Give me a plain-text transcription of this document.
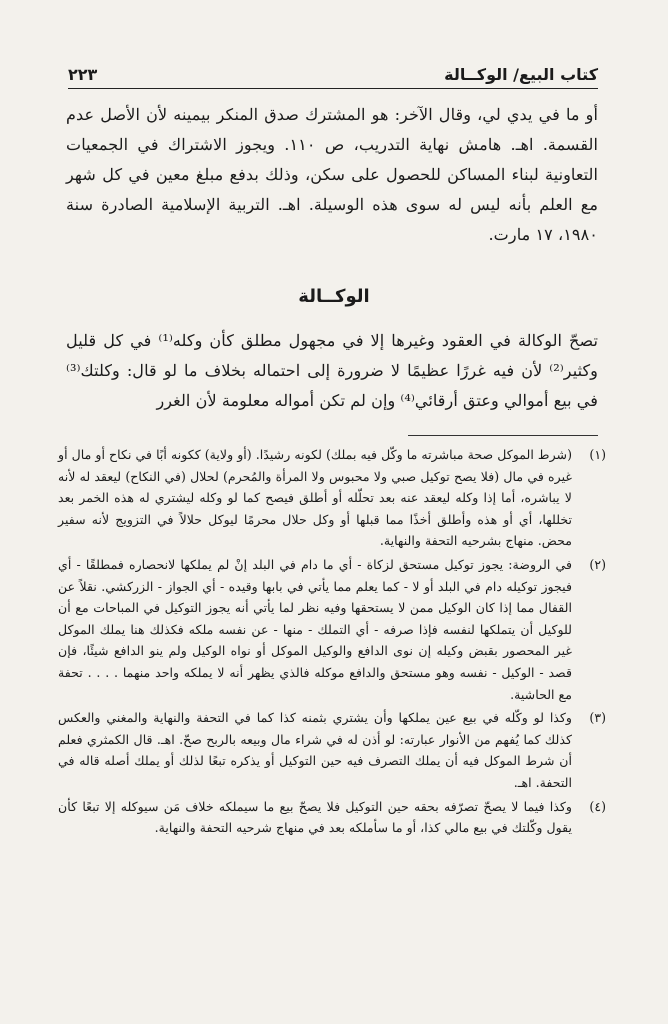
كتاب البيع/ الوكــالة
٢٢٣

أو ما في يدي لي، وقال الآخر: هو المشترك صدق المنكر بيمينه لأن الأصل عدم القسمة. اهـ. هامش نهاية التدريب، ص ١١٠. ويجوز الاشتراك في الجمعيات التعاونية لبناء المساكن للحصول على سكن، وذلك بدفع مبلغ معين في كل شهر مع العلم بأنه ليس له سوى هذه الوسيلة. اهـ. التربية الإسلامية الصادرة سنة ١٩٨٠، ١٧ مارت.

الوكــالة

تصحّ الوكالة في العقود وغيرها إلا في مجهول مطلق كأن وكله⁽¹⁾ في كل قليل وكثير⁽²⁾ لأن فيه غررًا عظيمًا لا ضرورة إلى احتماله بخلاف ما لو قال: وكلتك⁽³⁾ في بيع أموالي وعتق أرقائي⁽⁴⁾ وإن لم تكن أمواله معلومة لأن الغرر

(١)
(شرط الموكل صحة مباشرته ما وكّل فيه بملك) لكونه رشيدًا. (أو ولاية) ككونه أبًا في نكاح أو مال أو غيره في مال (فلا يصح توكيل صبي ولا محبوس ولا المرأة والمُحرم) لحلال (في النكاح) ليعقد له لأنه لا يباشره، أما إذا وكله ليعقد عنه بعد تحلّله أو أطلق فيصح كما لو وكله ليشتري له هذه الخمر بعد تخللها، أي أو هذه وأطلق أخذًا مما قبلها أو وكل حلال محرمًا ليوكل حلالاً في التزويج لأنه سفير محض. منهاج بشرحيه التحفة والنهاية.
(٢)
في الروضة: يجوز توكيل مستحق لزكاة - أي ما دام في البلد إنْ لم يملكها لانحصاره فمطلقًا - أي فيجوز توكيله دام في البلد أو لا - كما يعلم مما يأتي في بابها وقيده - أي الجواز - الزركشي. نقلاً عن القفال مما إذا كان الوكيل ممن لا يستحقها وفيه نظر لما يأتي أنه يجوز التوكيل في المباحات مع أن للوكيل أن يتملكها لنفسه فإذا صرفه - أي التملك - منها - عن نفسه ملكه فكذلك هنا يملك الموكل غير المحصور بقبض وكيله إن نوى الدافع والوكيل الموكل أو نواه الوكيل ولم ينو الدافع شيئًا، فإن قصد - الوكيل - نفسه وهو مستحق والدافع موكله فالذي يظهر أنه لا يملكه واحد منهما . . . . تحفة مع الحاشية.
(٣)
وكذا لو وكّله في بيع عين يملكها وأن يشتري بثمنه كذا كما في التحفة والنهاية والمغني والعكس كذلك كما يُفهم من الأنوار عبارته: لو أذن له في شراء مال وبيعه بالربح صحّ. اهـ. قال الكمثري فعلم أن شرط الموكل فيه أن يملك التصرف فيه حين التوكيل أو يذكره تبعًا لذلك أو يملك أصله قاله في التحفة. اهـ.
(٤)
وكذا فيما لا يصحّ تصرّفه بحقه حين التوكيل فلا يصحّ بيع ما سيملكه خلاف مَن سيوكله إلا تبعًا كأن يقول وكّلتك في بيع مالي كذا، أو ما سأملكه بعد في منهاج شرحيه التحفة والنهاية.
